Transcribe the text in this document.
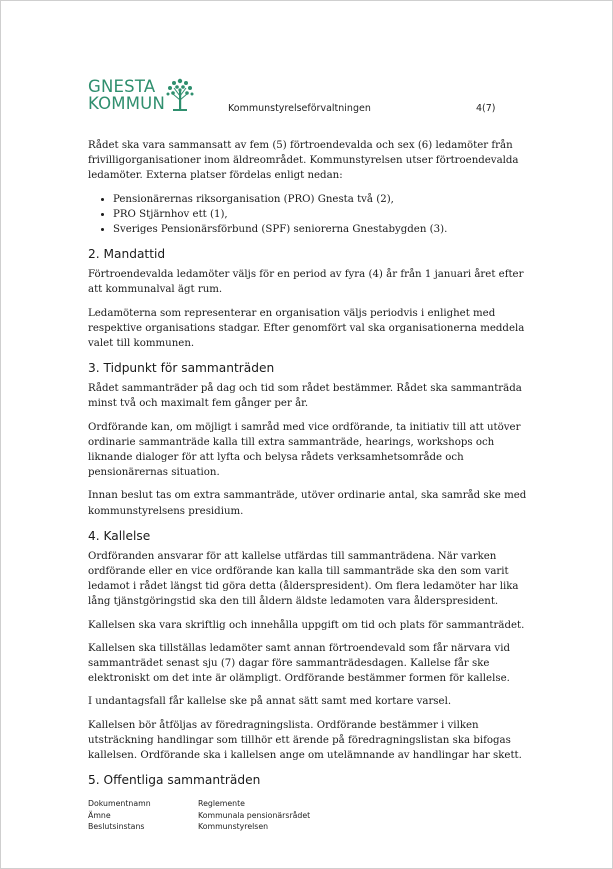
GNESTA
KOMMUN	Kommunstyrelseförvaltningen	4(7)

Rådet ska vara sammansatt av fem (5) förtroendevalda och sex (6) ledamöter från frivilligorganisationer inom äldreområdet. Kommunstyrelsen utser förtroendevalda ledamöter. Externa platser fördelas enligt nedan:

• Pensionärernas riksorganisation (PRO) Gnesta två (2),
• PRO Stjärnhov ett (1),
• Sveriges Pensionärsförbund (SPF) seniorerna Gnestabygden (3).
2. Mandattid

Förtroendevalda ledamöter väljs för en period av fyra (4) år från 1 januari året efter att kommunalval ägt rum.

Ledamöterna som representerar en organisation väljs periodvis i enlighet med respektive organisations stadgar. Efter genomfört val ska organisationerna meddela valet till kommunen.

3. Tidpunkt för sammanträden

Rådet sammanträder på dag och tid som rådet bestämmer. Rådet ska sammanträda minst två och maximalt fem gånger per år.

Ordförande kan, om möjligt i samråd med vice ordförande, ta initiativ till att utöver ordinarie sammanträde kalla till extra sammanträde, hearings, workshops och liknande dialoger för att lyfta och belysa rådets verksamhetsområde och pensionärernas situation.

Innan beslut tas om extra sammanträde, utöver ordinarie antal, ska samråd ske med kommunstyrelsens presidium.

4. Kallelse

Ordföranden ansvarar för att kallelse utfärdas till sammanträdena. När varken ordförande eller en vice ordförande kan kalla till sammanträde ska den som varit ledamot i rådet längst tid göra detta (ålderspresident). Om flera ledamöter har lika lång tjänstgöringstid ska den till åldern äldste ledamoten vara ålderspresident.

Kallelsen ska vara skriftlig och innehålla uppgift om tid och plats för sammanträdet.

Kallelsen ska tillställas ledamöter samt annan förtroendevald som får närvara vid sammanträdet senast sju (7) dagar före sammanträdesdagen. Kallelse får ske elektroniskt om det inte är olämpligt. Ordförande bestämmer formen för kallelse.

I undantagsfall får kallelse ske på annat sätt samt med kortare varsel.

Kallelsen bör åtföljas av föredragningslista. Ordförande bestämmer i vilken utsträckning handlingar som tillhör ett ärende på föredragningslistan ska bifogas kallelsen. Ordförande ska i kallelsen ange om utelämnande av handlingar har skett.

5. Offentliga sammanträden
Dokumentnamn	Reglemente
Ämne	Kommunala pensionärsrådet
Beslutsinstans	Kommunstyrelsen
